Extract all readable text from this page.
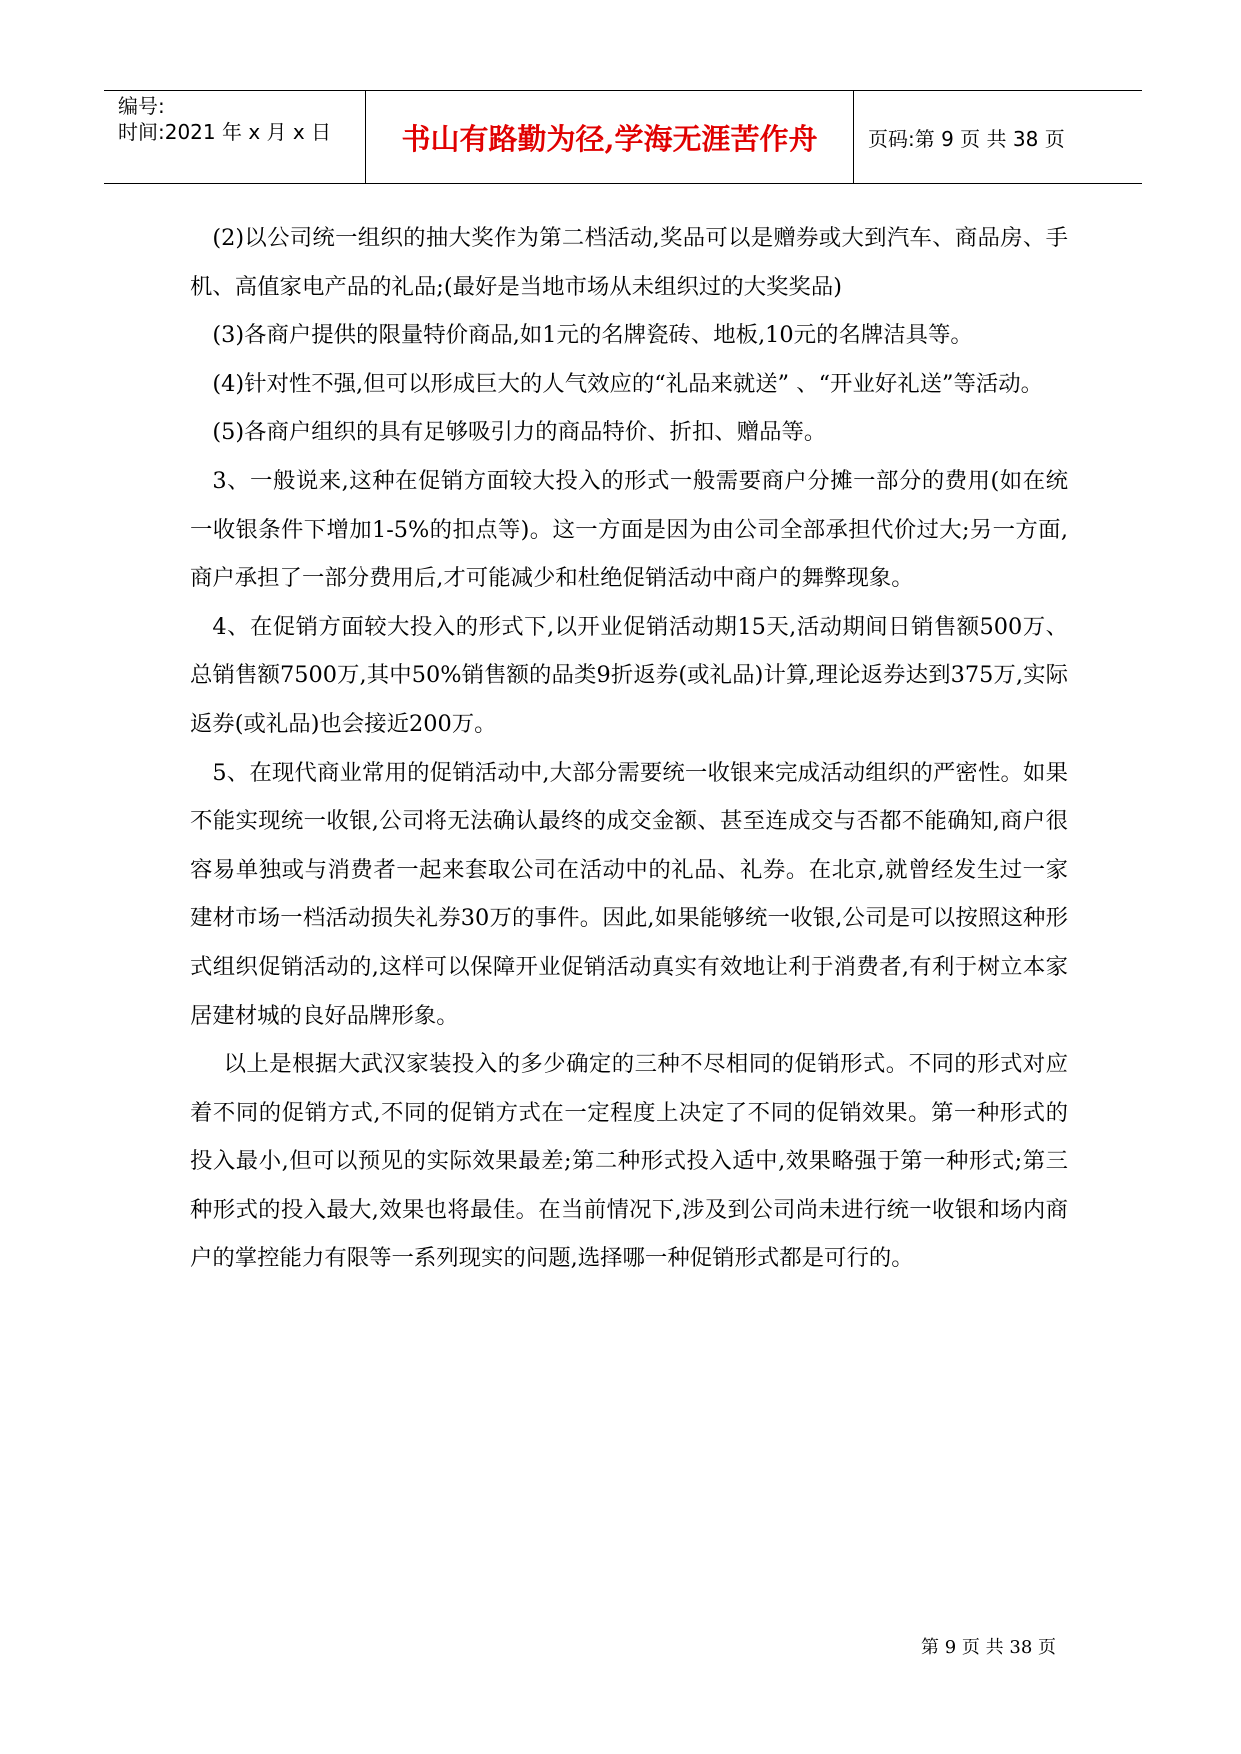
编号:
时间:2021 年 x 月 x 日	书山有路勤为径,学海无涯苦作舟	页码:第 9 页 共 38 页

(2)以公司统一组织的抽大奖作为第二档活动,奖品可以是赠券或大到汽车、商品房、手机、高值家电产品的礼品;(最好是当地市场从未组织过的大奖奖品)

(3)各商户提供的限量特价商品,如1元的名牌瓷砖、地板,10元的名牌洁具等。

(4)针对性不强,但可以形成巨大的人气效应的“礼品来就送” 、“开业好礼送”等活动。

(5)各商户组织的具有足够吸引力的商品特价、折扣、赠品等。

3、一般说来,这种在促销方面较大投入的形式一般需要商户分摊一部分的费用(如在统一收银条件下增加1-5%的扣点等)。这一方面是因为由公司全部承担代价过大;另一方面,商户承担了一部分费用后,才可能减少和杜绝促销活动中商户的舞弊现象。

4、在促销方面较大投入的形式下,以开业促销活动期15天,活动期间日销售额500万、总销售额7500万,其中50%销售额的品类9折返券(或礼品)计算,理论返券达到375万,实际返券(或礼品)也会接近200万。

5、在现代商业常用的促销活动中,大部分需要统一收银来完成活动组织的严密性。如果不能实现统一收银,公司将无法确认最终的成交金额、甚至连成交与否都不能确知,商户很容易单独或与消费者一起来套取公司在活动中的礼品、礼券。在北京,就曾经发生过一家建材市场一档活动损失礼券30万的事件。因此,如果能够统一收银,公司是可以按照这种形式组织促销活动的,这样可以保障开业促销活动真实有效地让利于消费者,有利于树立本家居建材城的良好品牌形象。

以上是根据大武汉家装投入的多少确定的三种不尽相同的促销形式。不同的形式对应着不同的促销方式,不同的促销方式在一定程度上决定了不同的促销效果。第一种形式的投入最小,但可以预见的实际效果最差;第二种形式投入适中,效果略强于第一种形式;第三种形式的投入最大,效果也将最佳。在当前情况下,涉及到公司尚未进行统一收银和场内商户的掌控能力有限等一系列现实的问题,选择哪一种促销形式都是可行的。

第 9 页 共 38 页
